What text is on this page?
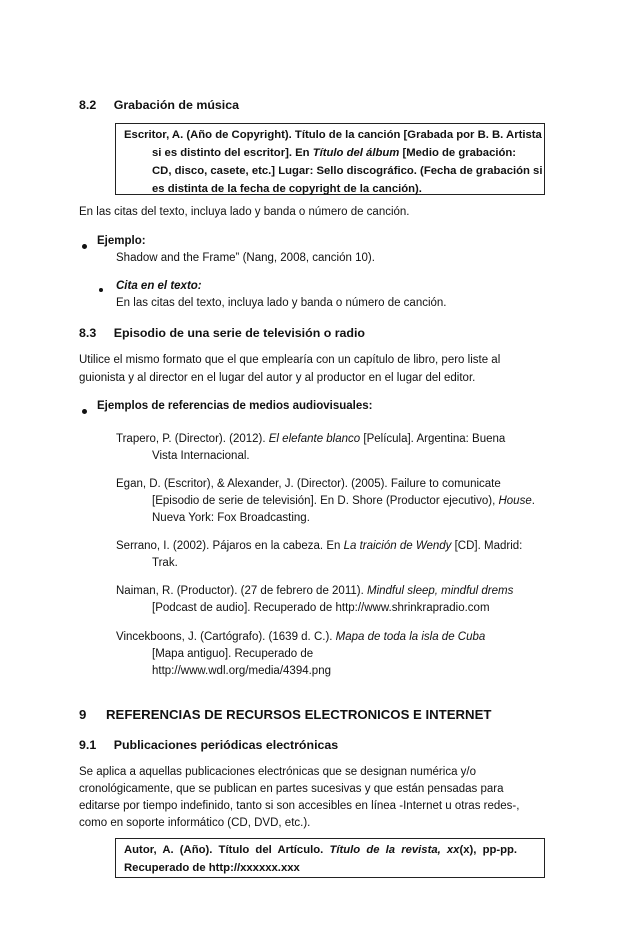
8.2 Grabación de música
Escritor, A. (Año de Copyright). Título de la canción [Grabada por B. B. Artista
si es distinto del escritor]. En Título del álbum [Medio de grabación:
CD, disco, casete, etc.] Lugar: Sello discográfico. (Fecha de grabación si
es distinta de la fecha de copyright de la canción).
En las citas del texto, incluya lado y banda o número de canción.
Ejemplo:
Shadow and the Frame” (Nang, 2008, canción 10).
Cita en el texto:
En las citas del texto, incluya lado y banda o número de canción.
8.3 Episodio de una serie de televisión o radio
Utilice el mismo formato que el que emplearía con un capítulo de libro, pero liste al
guionista y al director en el lugar del autor y al productor en el lugar del editor.
Ejemplos de referencias de medios audiovisuales:
Trapero, P. (Director). (2012). El elefante blanco [Película]. Argentina: Buena
Vista Internacional.
Egan, D. (Escritor), & Alexander, J. (Director). (2005). Failure to comunicate
[Episodio de serie de televisión]. En D. Shore (Productor ejecutivo), House.
Nueva York: Fox Broadcasting.
Serrano, I. (2002). Pájaros en la cabeza. En La traición de Wendy [CD]. Madrid:
Trak.
Naiman, R. (Productor). (27 de febrero de 2011). Mindful sleep, mindful drems
[Podcast de audio]. Recuperado de http://www.shrinkrapradio.com
Vincekboons, J. (Cartógrafo). (1639 d. C.). Mapa de toda la isla de Cuba
[Mapa antiguo]. Recuperado de
http://www.wdl.org/media/4394.png
9 REFERENCIAS DE RECURSOS ELECTRONICOS E INTERNET
9.1 Publicaciones periódicas electrónicas
Se aplica a aquellas publicaciones electrónicas que se designan numérica y/o
cronológicamente, que se publican en partes sucesivas y que están pensadas para
editarse por tiempo indefinido, tanto si son accesibles en línea -Internet u otras redes-,
como en soporte informático (CD, DVD, etc.).
Autor, A. (Año). Título del Artículo. Título de la revista, xx(x), pp-pp.
Recuperado de http://xxxxxx.xxx
